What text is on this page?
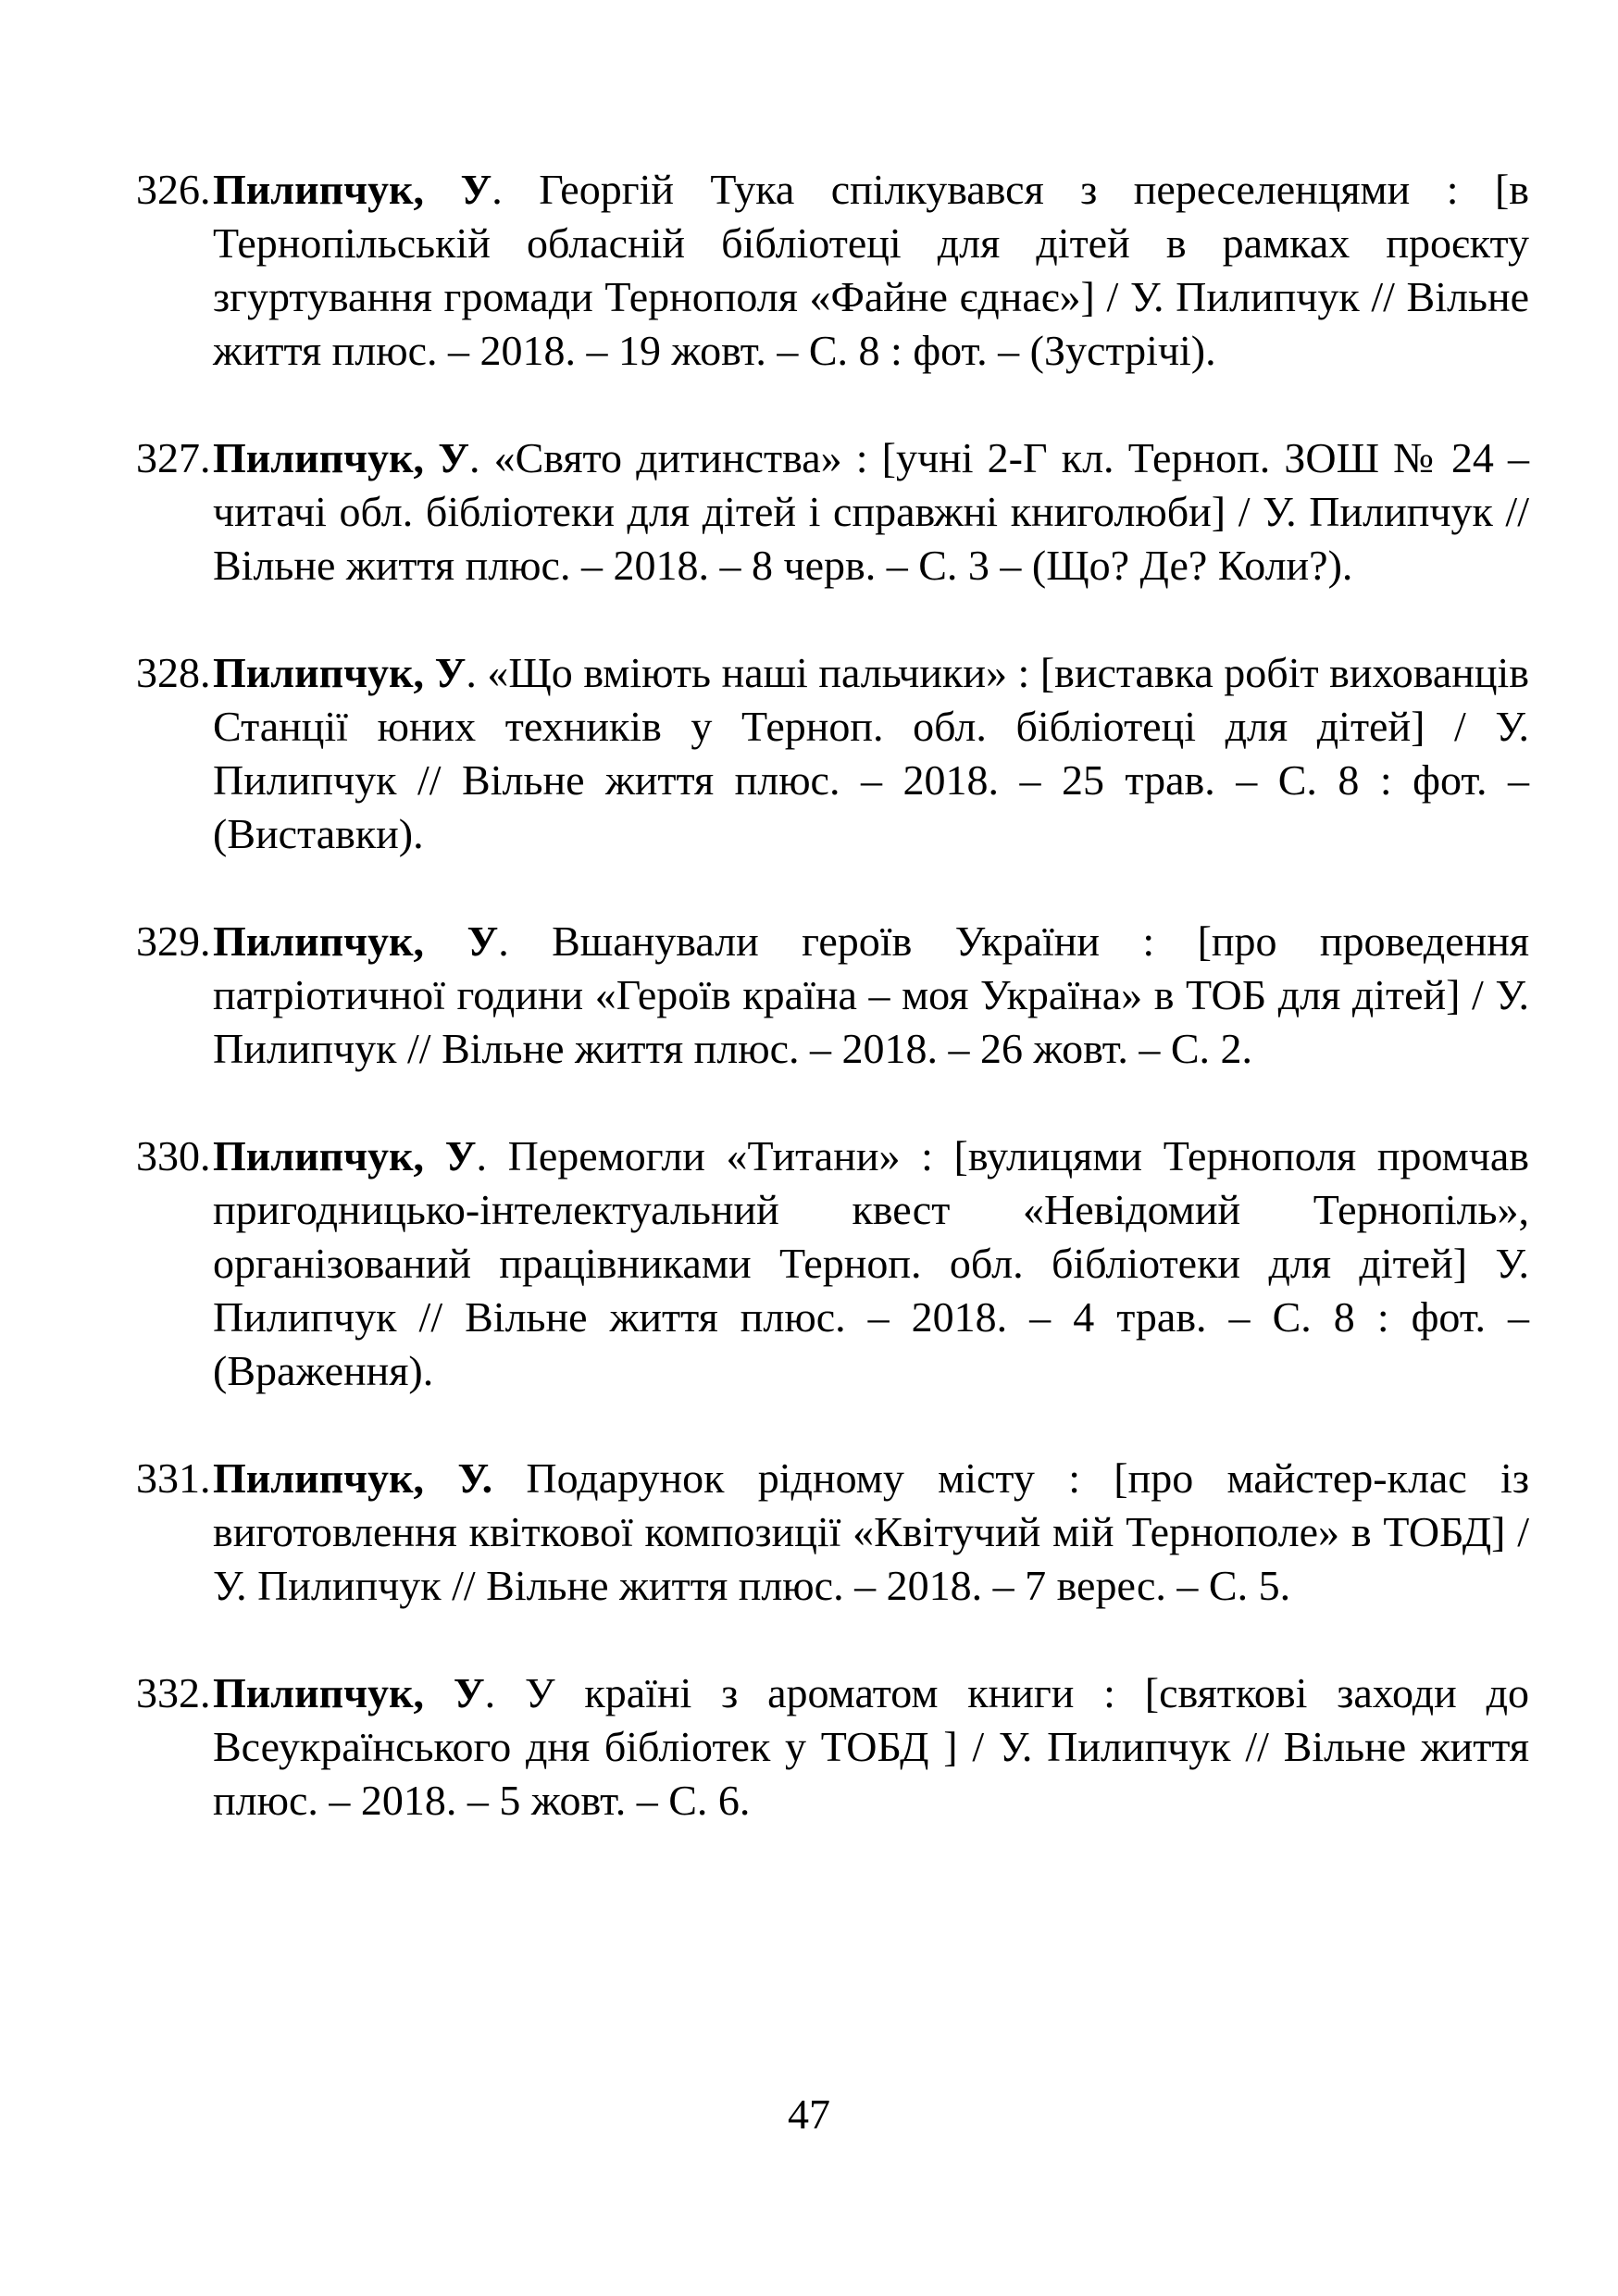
326. Пилипчук, У. Георгій Тука спілкувався з переселенцями : [в Тернопільській обласній бібліотеці для дітей в рамках проєкту згуртування громади Тернополя «Файне єднає»] / У. Пилипчук // Вільне життя плюс. – 2018. – 19 жовт. – С. 8 : фот. – (Зустрічі).
327. Пилипчук, У. «Свято дитинства» : [учні 2-Г кл. Терноп. ЗОШ № 24 – читачі обл. бібліотеки для дітей і справжні книголюби] / У. Пилипчук // Вільне життя плюс. – 2018. – 8 черв. – С. 3 – (Що? Де? Коли?).
328. Пилипчук, У. «Що вміють наші пальчики» : [виставка робіт вихованців Станції юних техників у Терноп. обл. бібліотеці для дітей] / У. Пилипчук // Вільне життя плюс. – 2018. – 25 трав. – С. 8 : фот. – (Виставки).
329. Пилипчук, У. Вшанували героїв України : [про проведення патріотичної години «Героїв країна – моя Україна» в ТОБ для дітей] / У. Пилипчук // Вільне життя плюс. – 2018. – 26 жовт. – С. 2.
330. Пилипчук, У. Перемогли «Титани» : [вулицями Тернополя промчав пригодницько-інтелектуальний квест «Невідомий Тернопіль», організований працівниками Терноп. обл. бібліотеки для дітей] У. Пилипчук // Вільне життя плюс. – 2018. – 4 трав. – С. 8 : фот. – (Враження).
331. Пилипчук, У. Подарунок рідному місту : [про майстер-клас із виготовлення квіткової композиції «Квітучий мій Тернополе» в ТОБД] / У. Пилипчук // Вільне життя плюс. – 2018. – 7 верес. – С. 5.
332. Пилипчук, У. У країні з ароматом книги : [святкові заходи до Всеукраїнського дня бібліотек у ТОБД ] / У. Пилипчук // Вільне життя плюс. – 2018. – 5 жовт. – С. 6.
47
